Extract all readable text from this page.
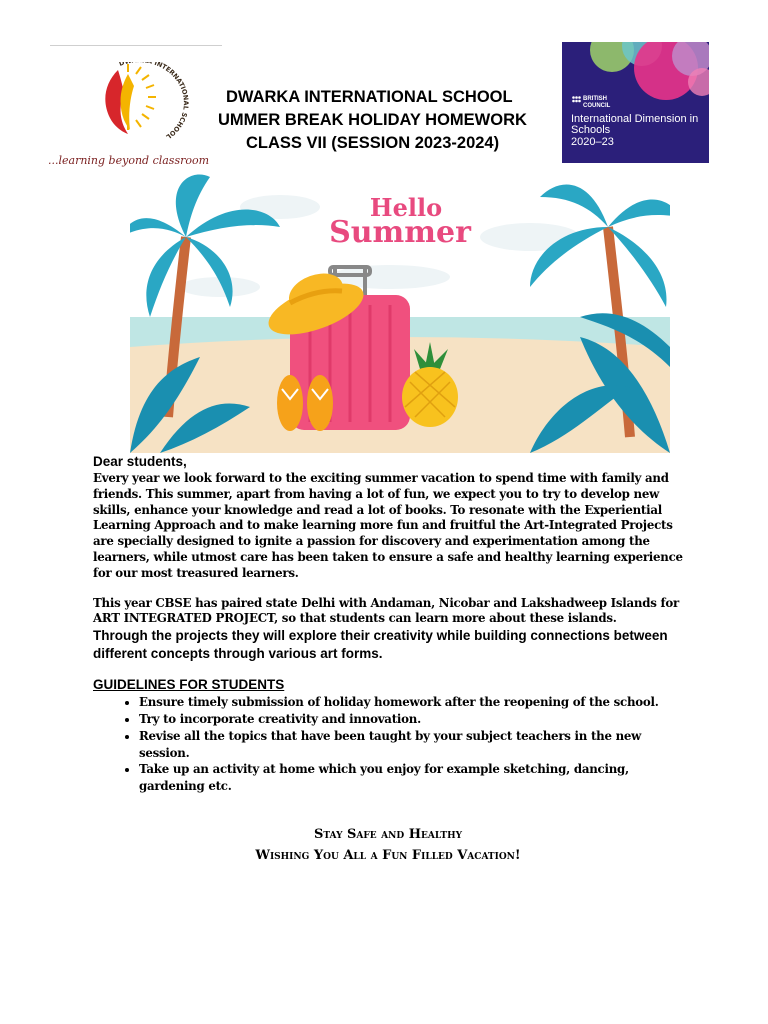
D INTERNATIONAL SCHOOL
...learning beyond classroom
DWARKA INTERNATIONAL SCHOOL
UMMER BREAK HOLIDAY HOMEWORK
CLASS VII (SESSION 2023-2024)
BRITISH
COUNCIL
International Dimension in Schools
2020–23
Hello
Summer

Dear students,

Every year we look forward to the exciting summer vacation to spend time with family and friends. This summer, apart from having a lot of fun, we expect you to try to develop new skills, enhance your knowledge and read a lot of books. To resonate with the Experiential Learning Approach and to make learning more fun and fruitful the Art-Integrated Projects are specially designed to ignite a passion for discovery and experimentation among the learners, while utmost care has been taken to ensure a safe and healthy learning experience for our most treasured learners.

This year CBSE has paired state Delhi with Andaman, Nicobar and Lakshadweep Islands for ART INTEGRATED PROJECT, so that students can learn more about these islands.

Through the projects they will explore their creativity while building connections between different concepts through various art forms.

GUIDELINES FOR STUDENTS

• Ensure timely submission of holiday homework after the reopening of the school.
• Try to incorporate creativity and innovation.
• Revise all the topics that have been taught by your subject teachers in the new session.
• Take up an activity at home which you enjoy for example sketching, dancing, gardening etc.
Stay Safe and Healthy
Wishing You All a Fun Filled Vacation!
